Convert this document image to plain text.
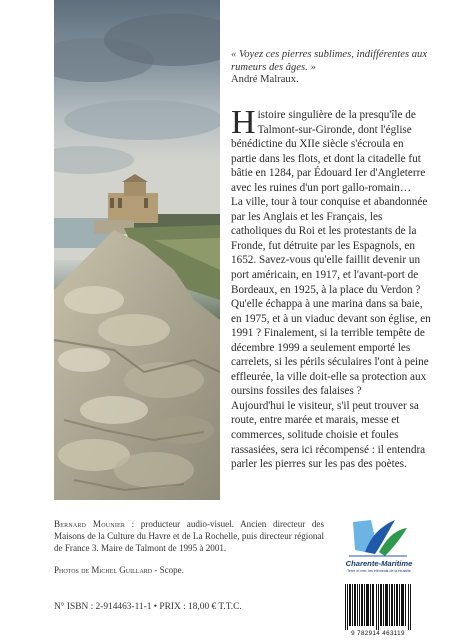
« Voyez ces pierres sublimes, indifférentes aux rumeurs des âges. »
André Malraux.

Histoire singulière de la presqu'île de Talmont-sur-Gironde, dont l'église bénédictine du XIIe siècle s'écroula en partie dans les flots, et dont la citadelle fut bâtie en 1284, par Édouard Ier d'Angleterre avec les ruines d'un port gallo-romain…

La ville, tour à tour conquise et abandonnée par les Anglais et les Français, les catholiques du Roi et les protestants de la Fronde, fut détruite par les Espagnols, en 1652. Savez-vous qu'elle faillit devenir un port américain, en 1917, et l'avant-port de Bordeaux, en 1925, à la place du Verdon ? Qu'elle échappa à une marina dans sa baie, en 1975, et à un viaduc devant son église, en 1991 ? Finalement, si la terrible tempête de décembre 1999 a seulement emporté les carrelets, si les périls séculaires l'ont à peine effleurée, la ville doit-elle sa protection aux oursins fossiles des falaises ?

Aujourd'hui le visiteur, s'il peut trouver sa route, entre marée et marais, messe et commerces, solitude choisie et foules rassasiées, sera ici récompensé : il entendra parler les pierres sur les pas des poètes.

Bernard Mounier : producteur audio-visuel. Ancien directeur des Maisons de la Culture du Havre et de La Rochelle, puis directeur régional de France 3. Maire de Talmont de 1995 à 2001.
Photos de Michel Guillard - Scope.
N° ISBN : 2-914463-11-1 • PRIX : 18,00 € T.T.C.
Charente-Maritime
Terre et mer, les éléments de la réussite
9 782914 463119
